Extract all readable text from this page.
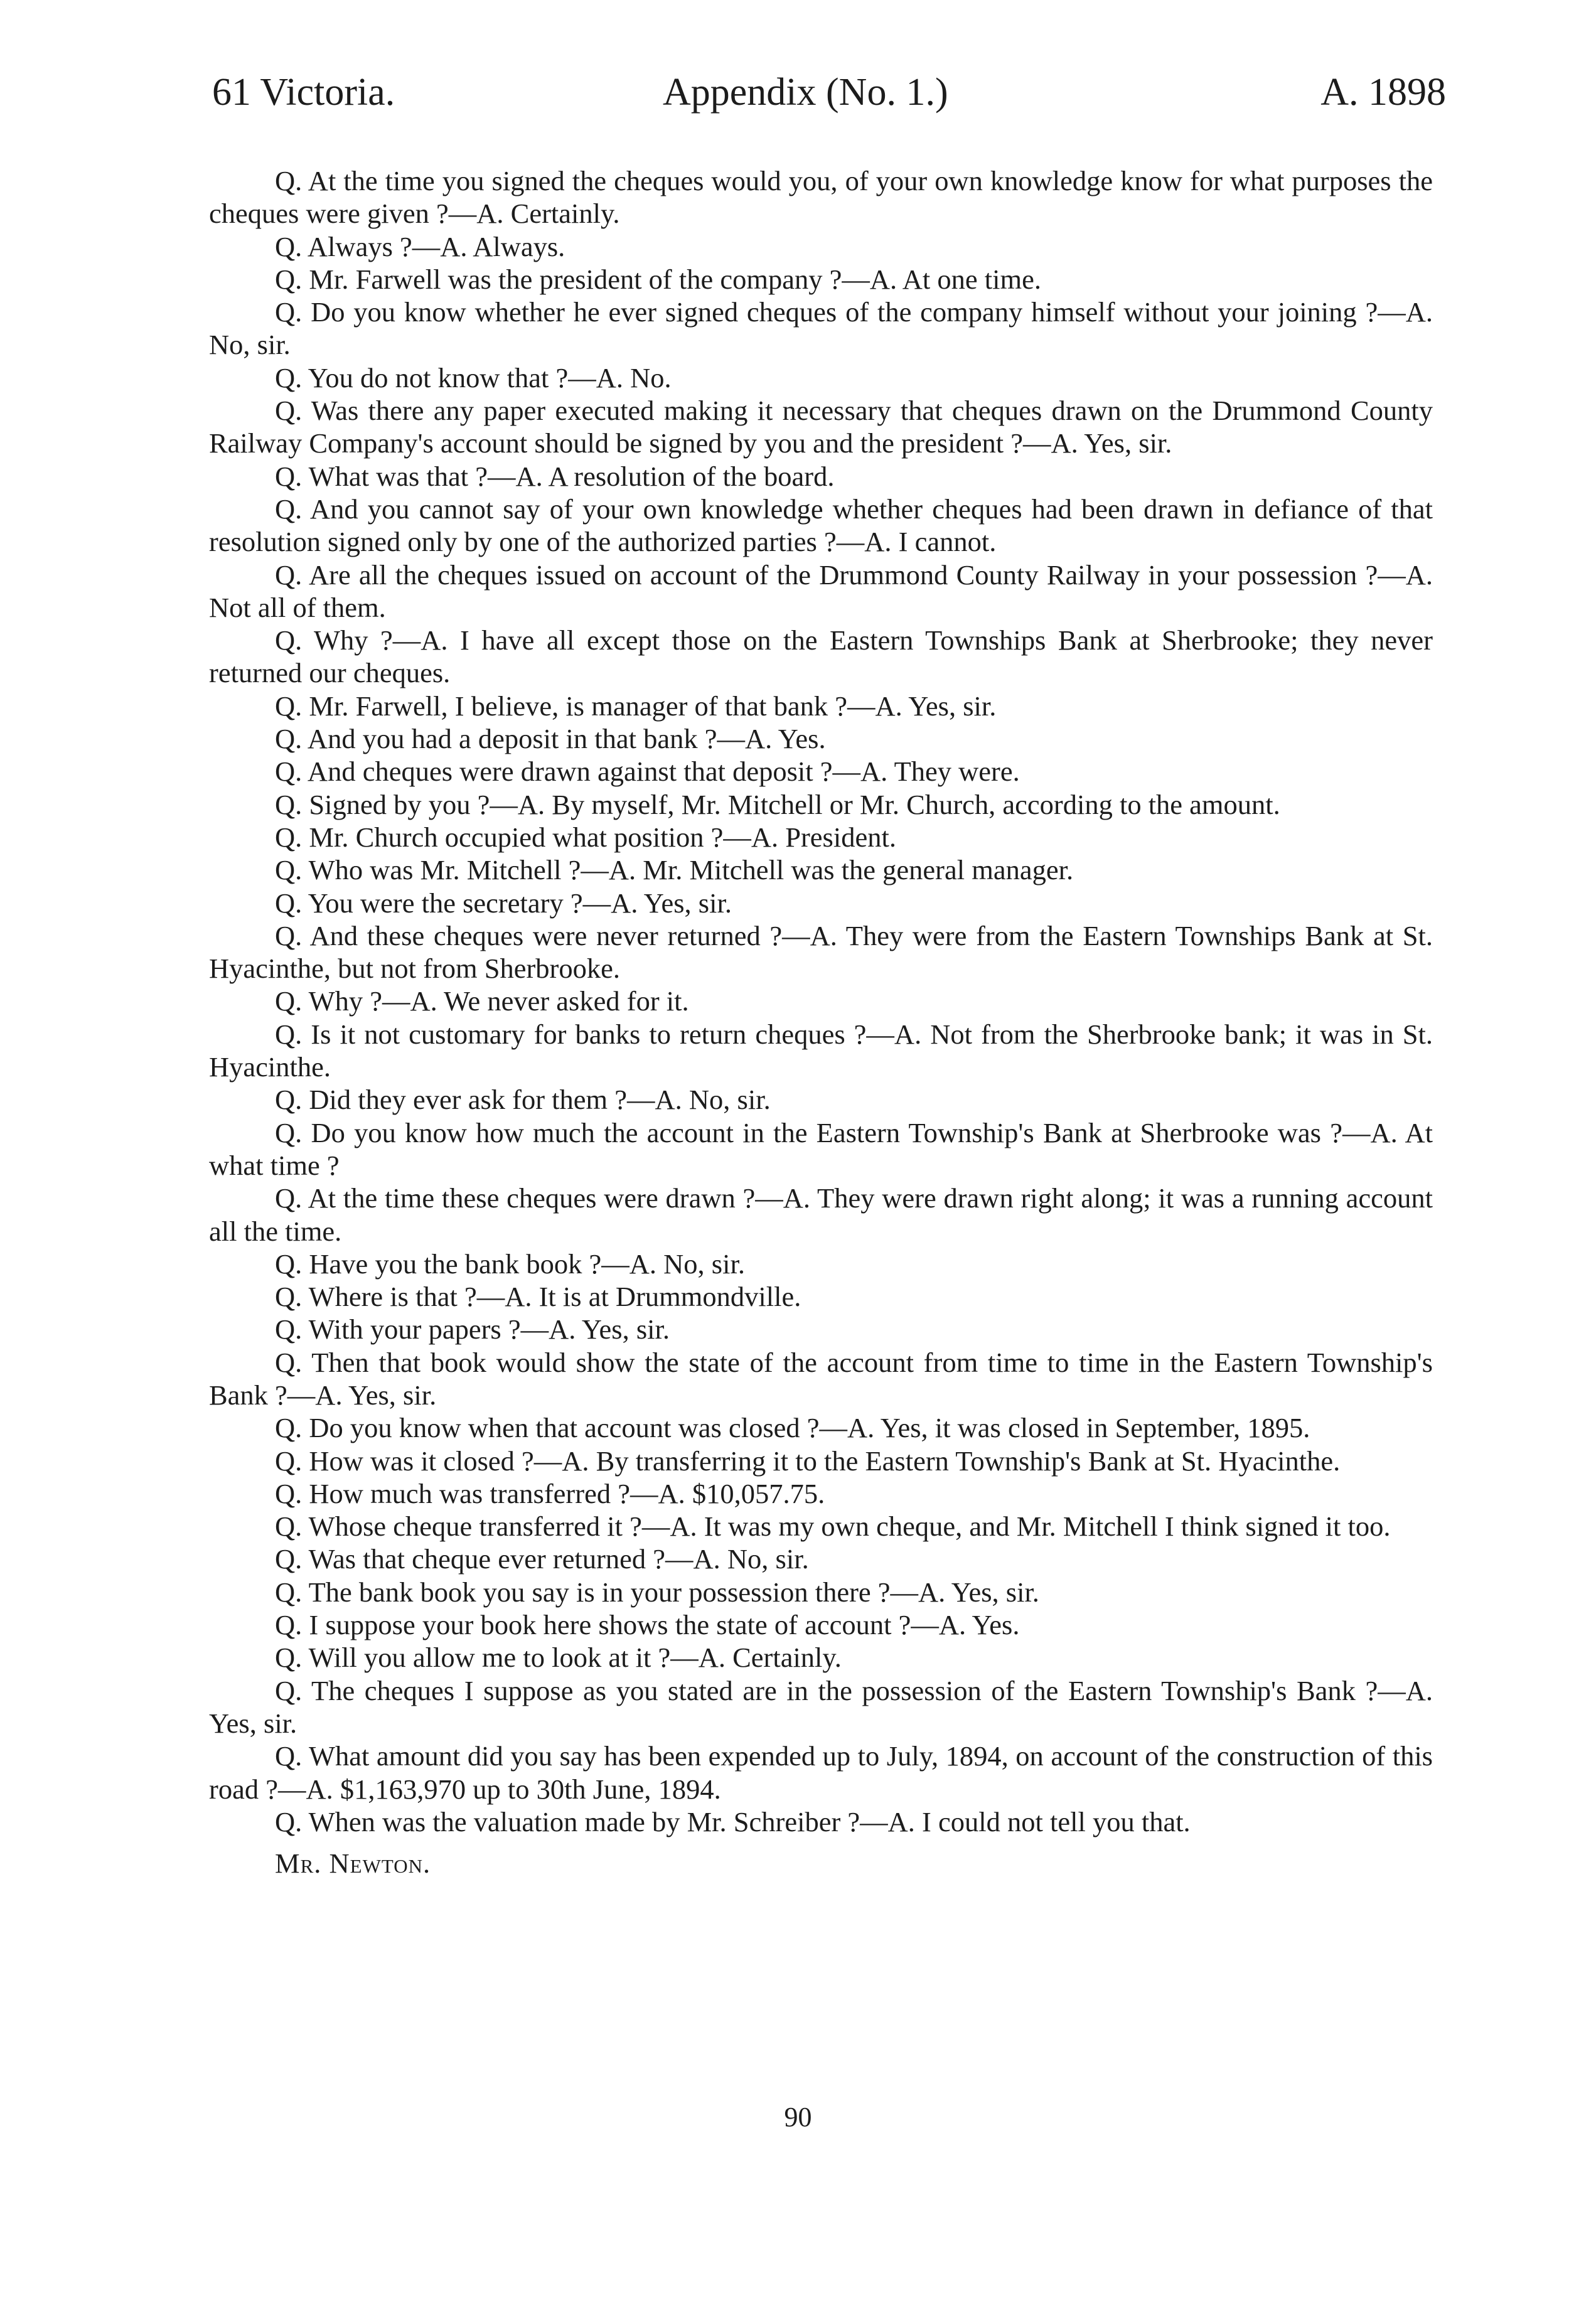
61 Victoria.	Appendix (No. 1.)	A. 1898

Q. At the time you signed the cheques would you, of your own knowledge know for what purposes the cheques were given ?—A. Certainly.

Q. Always ?—A. Always.

Q. Mr. Farwell was the president of the company ?—A. At one time.

Q. Do you know whether he ever signed cheques of the company himself without your joining ?—A. No, sir.

Q. You do not know that ?—A. No.

Q. Was there any paper executed making it necessary that cheques drawn on the Drummond County Railway Company's account should be signed by you and the president ?—A. Yes, sir.

Q. What was that ?—A. A resolution of the board.

Q. And you cannot say of your own knowledge whether cheques had been drawn in defiance of that resolution signed only by one of the authorized parties ?—A. I cannot.

Q. Are all the cheques issued on account of the Drummond County Railway in your possession ?—A. Not all of them.

Q. Why ?—A. I have all except those on the Eastern Townships Bank at Sherbrooke; they never returned our cheques.

Q. Mr. Farwell, I believe, is manager of that bank ?—A. Yes, sir.

Q. And you had a deposit in that bank ?—A. Yes.

Q. And cheques were drawn against that deposit ?—A. They were.

Q. Signed by you ?—A. By myself, Mr. Mitchell or Mr. Church, according to the amount.

Q. Mr. Church occupied what position ?—A. President.

Q. Who was Mr. Mitchell ?—A. Mr. Mitchell was the general manager.

Q. You were the secretary ?—A. Yes, sir.

Q. And these cheques were never returned ?—A. They were from the Eastern Townships Bank at St. Hyacinthe, but not from Sherbrooke.

Q. Why ?—A. We never asked for it.

Q. Is it not customary for banks to return cheques ?—A. Not from the Sherbrooke bank; it was in St. Hyacinthe.

Q. Did they ever ask for them ?—A. No, sir.

Q. Do you know how much the account in the Eastern Township's Bank at Sherbrooke was ?—A. At what time ?

Q. At the time these cheques were drawn ?—A. They were drawn right along; it was a running account all the time.

Q. Have you the bank book ?—A. No, sir.

Q. Where is that ?—A. It is at Drummondville.

Q. With your papers ?—A. Yes, sir.

Q. Then that book would show the state of the account from time to time in the Eastern Township's Bank ?—A. Yes, sir.

Q. Do you know when that account was closed ?—A. Yes, it was closed in September, 1895.

Q. How was it closed ?—A. By transferring it to the Eastern Township's Bank at St. Hyacinthe.

Q. How much was transferred ?—A. $10,057.75.

Q. Whose cheque transferred it ?—A. It was my own cheque, and Mr. Mitchell I think signed it too.

Q. Was that cheque ever returned ?—A. No, sir.

Q. The bank book you say is in your possession there ?—A. Yes, sir.

Q. I suppose your book here shows the state of account ?—A. Yes.

Q. Will you allow me to look at it ?—A. Certainly.

Q. The cheques I suppose as you stated are in the possession of the Eastern Township's Bank ?—A. Yes, sir.

Q. What amount did you say has been expended up to July, 1894, on account of the construction of this road ?—A. $1,163,970 up to 30th June, 1894.

Q. When was the valuation made by Mr. Schreiber ?—A. I could not tell you that.

Mr. Newton.

90
